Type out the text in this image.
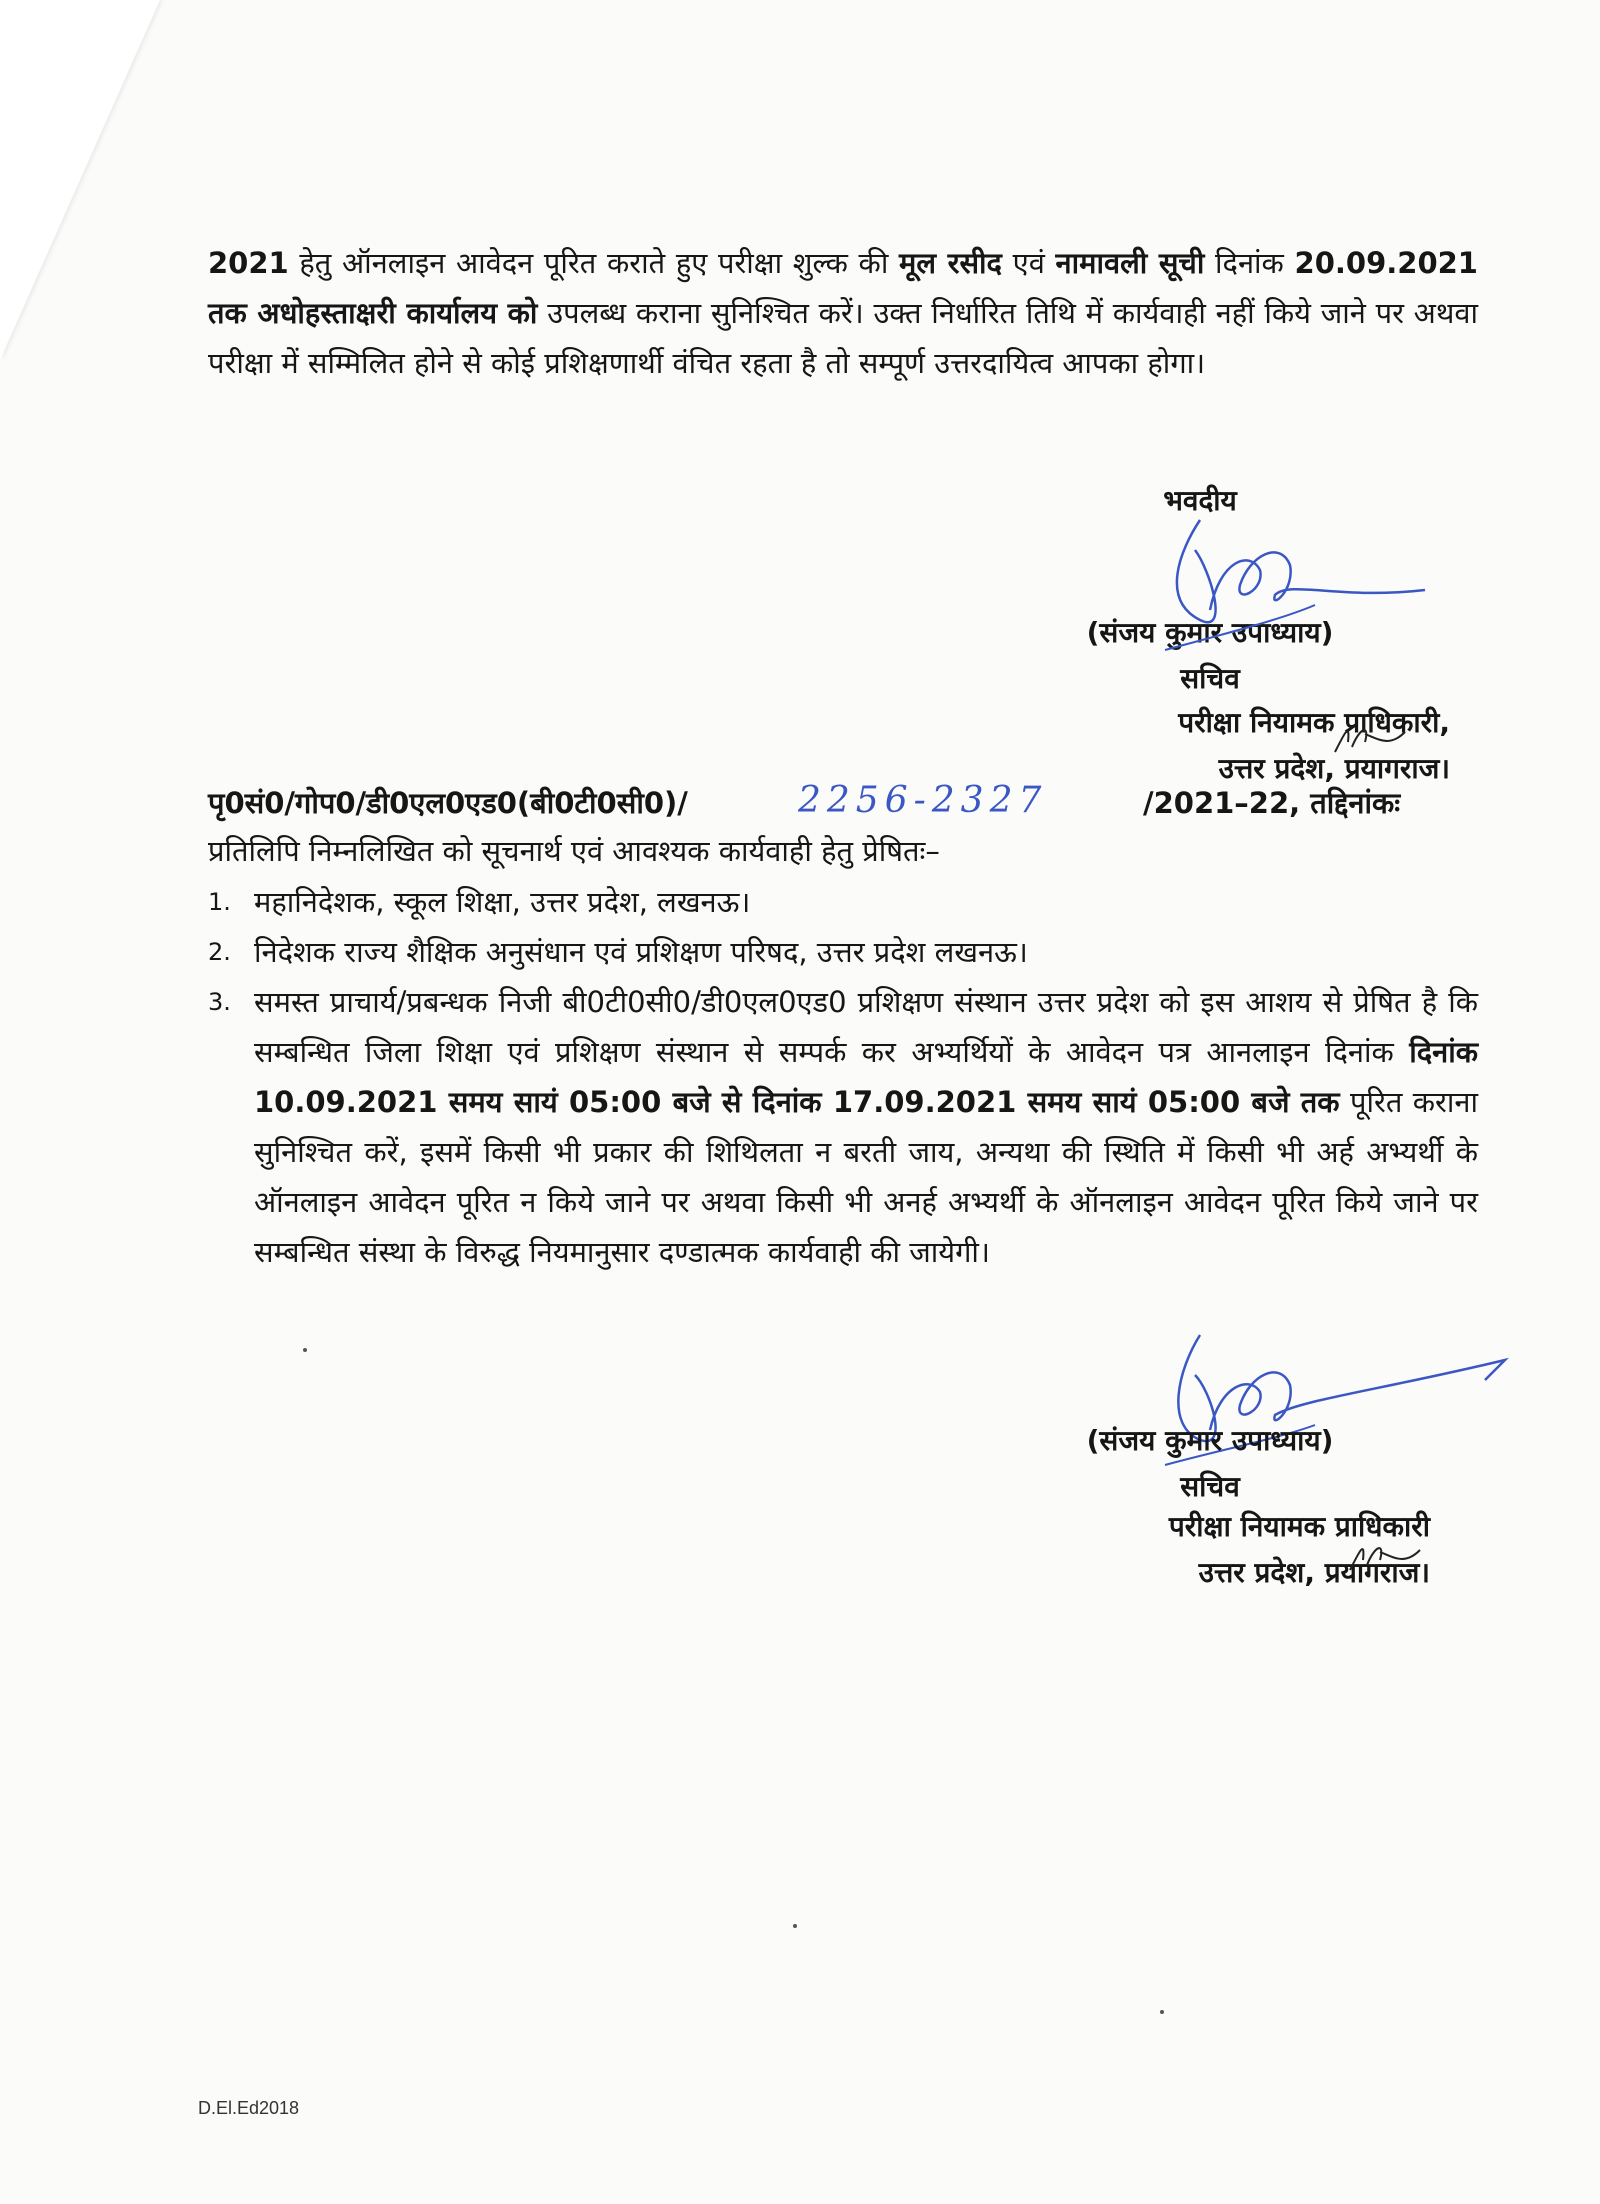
2021 हेतु ऑनलाइन आवेदन पूरित कराते हुए परीक्षा शुल्क की मूल रसीद एवं नामावली सूची दिनांक 20.09.2021 तक अधोहस्ताक्षरी कार्यालय को उपलब्ध कराना सुनिश्चित करें। उक्त निर्धारित तिथि में कार्यवाही नहीं किये जाने पर अथवा परीक्षा में सम्मिलित होने से कोई प्रशिक्षणार्थी वंचित रहता है तो सम्पूर्ण उत्तरदायित्व आपका होगा।

भवदीय
(संजय कुमार उपाध्याय)
सचिव
परीक्षा नियामक प्राधिकारी,
उत्तर प्रदेश, प्रयागराज।
पृ0सं0/गोप0/डी0एल0एड0(बी0टी0सी0)/	2256-2327	/2021–22, तद्दिनांकः
प्रतिलिपि निम्नलिखित को सूचनार्थ एवं आवश्यक कार्यवाही हेतु प्रेषितः–
1. महानिदेशक, स्कूल शिक्षा, उत्तर प्रदेश, लखनऊ।
2. निदेशक राज्य शैक्षिक अनुसंधान एवं प्रशिक्षण परिषद, उत्तर प्रदेश लखनऊ।
3. समस्त प्राचार्य/प्रबन्धक निजी बी0टी0सी0/डी0एल0एड0 प्रशिक्षण संस्थान उत्तर प्रदेश को इस आशय से प्रेषित है कि सम्बन्धित जिला शिक्षा एवं प्रशिक्षण संस्थान से सम्पर्क कर अभ्यर्थियों के आवेदन पत्र आनलाइन दिनांक दिनांक 10.09.2021 समय सायं 05:00 बजे से दिनांक 17.09.2021 समय सायं 05:00 बजे तक पूरित कराना सुनिश्चित करें, इसमें किसी भी प्रकार की शिथिलता न बरती जाय, अन्यथा की स्थिति में किसी भी अर्ह अभ्यर्थी के ऑनलाइन आवेदन पूरित न किये जाने पर अथवा किसी भी अनर्ह अभ्यर्थी के ऑनलाइन आवेदन पूरित किये जाने पर सम्बन्धित संस्था के विरुद्ध नियमानुसार दण्डात्मक कार्यवाही की जायेगी।
(संजय कुमार उपाध्याय)
सचिव
परीक्षा नियामक प्राधिकारी
उत्तर प्रदेश, प्रयागराज।
D.El.Ed2018
